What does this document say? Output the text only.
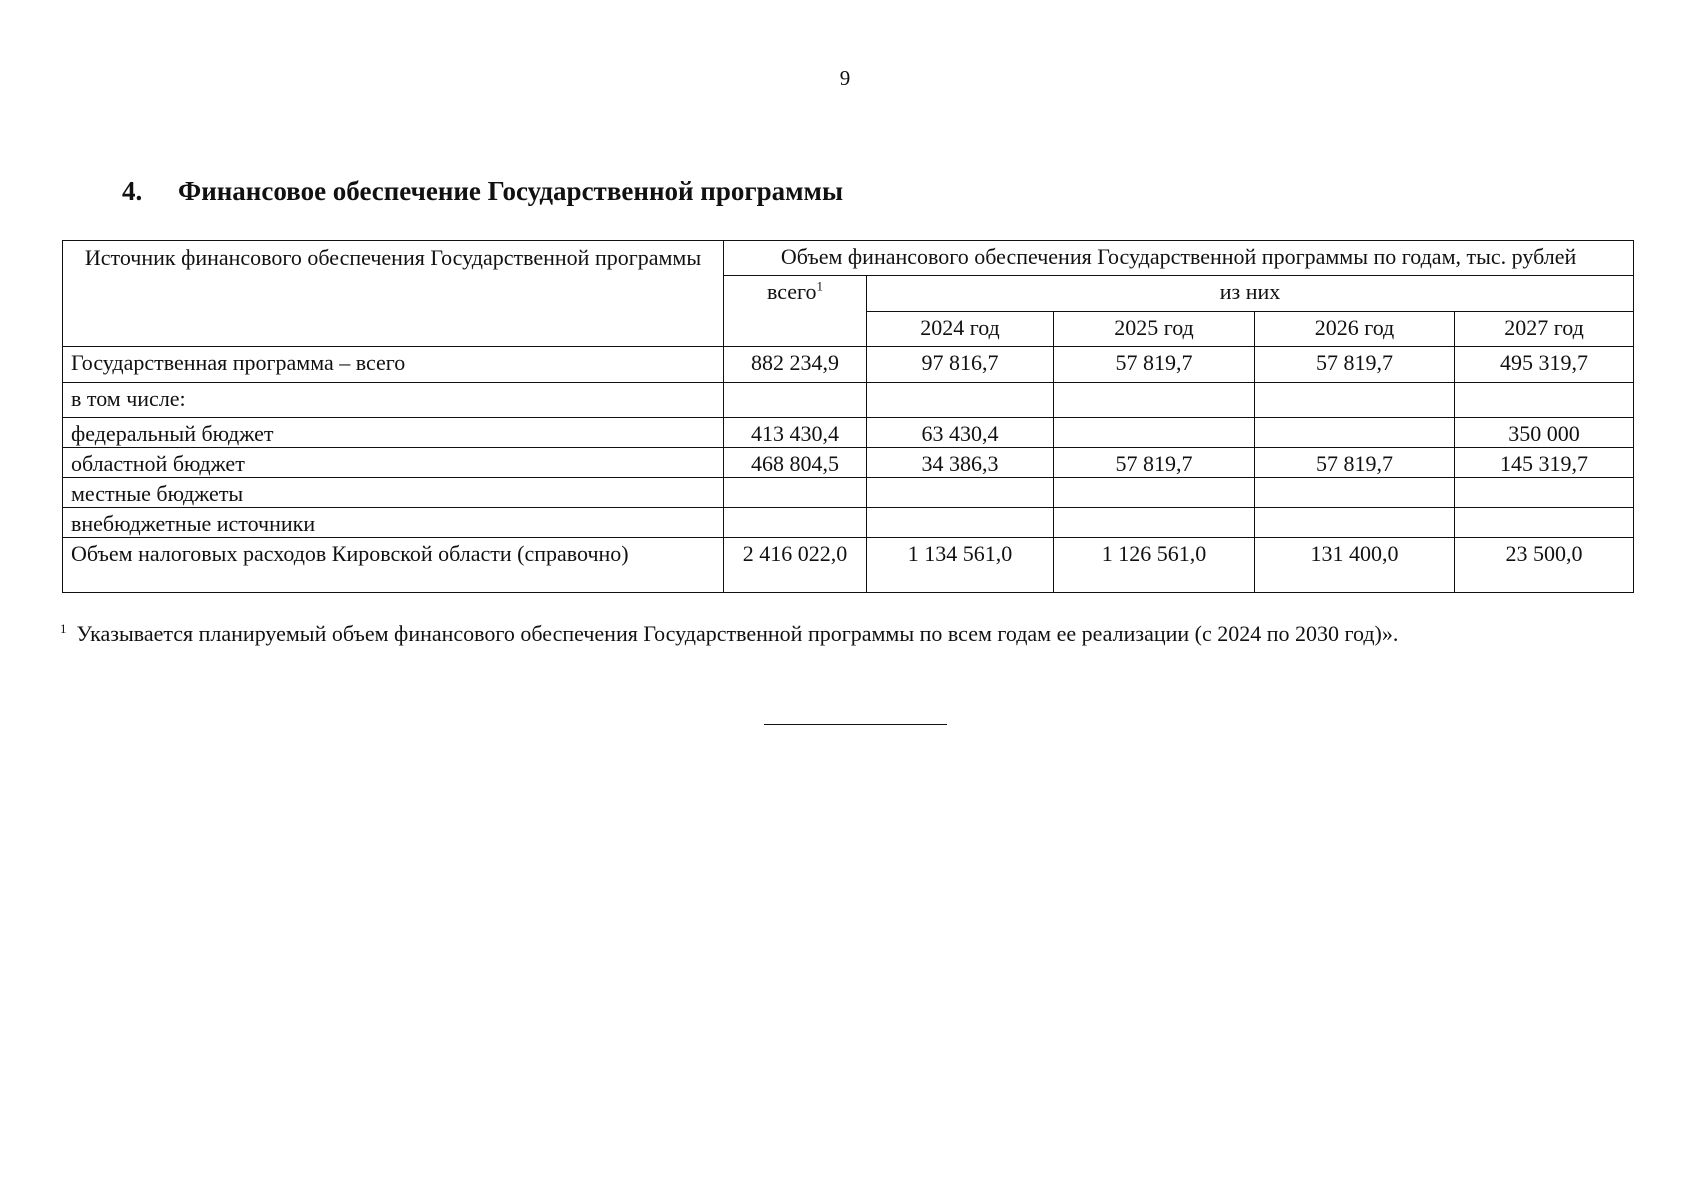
9
4. Финансовое обеспечение Государственной программы
Источник финансового обеспечения Государственной программы	Объем финансового обеспечения Государственной программы по годам, тыс. рублей				
	всего$^1$	из них			
		2024 год	2025 год	2026 год	2027 год
Государственная программа – всего	882 234,9	97 816,7	57 819,7	57 819,7	495 319,7
в том числе:					
федеральный бюджет	413 430,4	63 430,4			350 000
областной бюджет	468 804,5	34 386,3	57 819,7	57 819,7	145 319,7
местные бюджеты					
внебюджетные источники					
Объем налоговых расходов Кировской области (справочно)	2 416 022,0	1 134 561,0	1 126 561,0	131 400,0	23 500,0
$^1$ Указывается планируемый объем финансового обеспечения Государственной программы по всем годам ее реализации (с 2024 по 2030 год)».
